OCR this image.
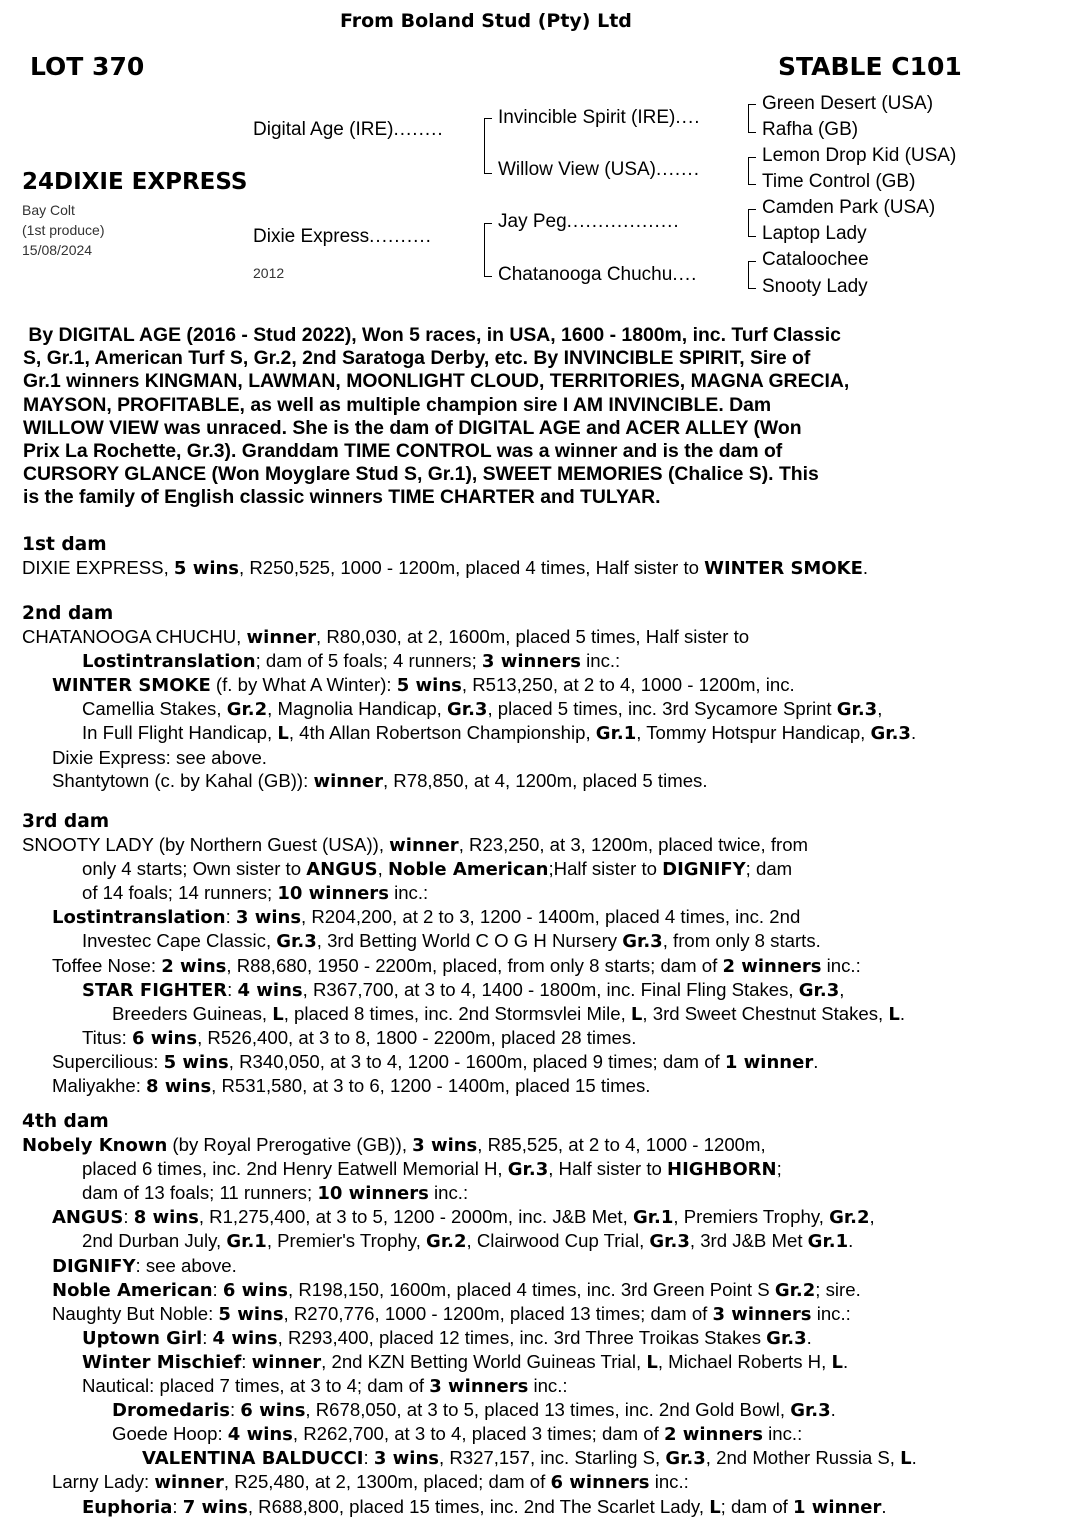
From Boland Stud (Pty) Ltd
LOT 370	STABLE C101
24DIXIE EXPRESS
Bay Colt
(1st produce)
15/08/2024
Digital Age (IRE)........
Dixie Express..........
2012
Invincible Spirit (IRE)....
Willow View (USA).......
Jay Peg..................
Chatanooga Chuchu....
Green Desert (USA)
Rafha (GB)
Lemon Drop Kid (USA)
Time Control (GB)
Camden Park (USA)
Laptop Lady
Cataloochee
Snooty Lady
By DIGITAL AGE (2016 - Stud 2022), Won 5 races, in USA, 1600 - 1800m, inc. Turf Classic
S, Gr.1, American Turf S, Gr.2, 2nd Saratoga Derby, etc. By INVINCIBLE SPIRIT, Sire of
Gr.1 winners KINGMAN, LAWMAN, MOONLIGHT CLOUD, TERRITORIES, MAGNA GRECIA,
MAYSON, PROFITABLE, as well as multiple champion sire I AM INVINCIBLE. Dam
WILLOW VIEW was unraced. She is the dam of DIGITAL AGE and ACER ALLEY (Won
Prix La Rochette, Gr.3). Granddam TIME CONTROL was a winner and is the dam of
CURSORY GLANCE (Won Moyglare Stud S, Gr.1), SWEET MEMORIES (Chalice S). This
is the family of English classic winners TIME CHARTER and TULYAR.
1st dam
DIXIE EXPRESS, 5 wins, R250,525, 1000 - 1200m, placed 4 times, Half sister to WINTER SMOKE.
2nd dam
CHATANOOGA CHUCHU, winner, R80,030, at 2, 1600m, placed 5 times, Half sister to
Lostintranslation; dam of 5 foals; 4 runners; 3 winners inc.:
WINTER SMOKE (f. by What A Winter): 5 wins, R513,250, at 2 to 4, 1000 - 1200m, inc.
Camellia Stakes, Gr.2, Magnolia Handicap, Gr.3, placed 5 times, inc. 3rd Sycamore Sprint Gr.3,
In Full Flight Handicap, L, 4th Allan Robertson Championship, Gr.1, Tommy Hotspur Handicap, Gr.3.
Dixie Express: see above.
Shantytown (c. by Kahal (GB)): winner, R78,850, at 4, 1200m, placed 5 times.
3rd dam
SNOOTY LADY (by Northern Guest (USA)), winner, R23,250, at 3, 1200m, placed twice, from
only 4 starts; Own sister to ANGUS, Noble American;Half sister to DIGNIFY; dam
of 14 foals; 14 runners; 10 winners inc.:
Lostintranslation: 3 wins, R204,200, at 2 to 3, 1200 - 1400m, placed 4 times, inc. 2nd
Investec Cape Classic, Gr.3, 3rd Betting World C O G H Nursery Gr.3, from only 8 starts.
Toffee Nose: 2 wins, R88,680, 1950 - 2200m, placed, from only 8 starts; dam of 2 winners inc.:
STAR FIGHTER: 4 wins, R367,700, at 3 to 4, 1400 - 1800m, inc. Final Fling Stakes, Gr.3,
Breeders Guineas, L, placed 8 times, inc. 2nd Stormsvlei Mile, L, 3rd Sweet Chestnut Stakes, L.
Titus: 6 wins, R526,400, at 3 to 8, 1800 - 2200m, placed 28 times.
Supercilious: 5 wins, R340,050, at 3 to 4, 1200 - 1600m, placed 9 times; dam of 1 winner.
Maliyakhe: 8 wins, R531,580, at 3 to 6, 1200 - 1400m, placed 15 times.
4th dam
Nobely Known (by Royal Prerogative (GB)), 3 wins, R85,525, at 2 to 4, 1000 - 1200m,
placed 6 times, inc. 2nd Henry Eatwell Memorial H, Gr.3, Half sister to HIGHBORN;
dam of 13 foals; 11 runners; 10 winners inc.:
ANGUS: 8 wins, R1,275,400, at 3 to 5, 1200 - 2000m, inc. J&B Met, Gr.1, Premiers Trophy, Gr.2,
2nd Durban July, Gr.1, Premier's Trophy, Gr.2, Clairwood Cup Trial, Gr.3, 3rd J&B Met Gr.1.
DIGNIFY: see above.
Noble American: 6 wins, R198,150, 1600m, placed 4 times, inc. 3rd Green Point S Gr.2; sire.
Naughty But Noble: 5 wins, R270,776, 1000 - 1200m, placed 13 times; dam of 3 winners inc.:
Uptown Girl: 4 wins, R293,400, placed 12 times, inc. 3rd Three Troikas Stakes Gr.3.
Winter Mischief: winner, 2nd KZN Betting World Guineas Trial, L, Michael Roberts H, L.
Nautical: placed 7 times, at 3 to 4; dam of 3 winners inc.:
Dromedaris: 6 wins, R678,050, at 3 to 5, placed 13 times, inc. 2nd Gold Bowl, Gr.3.
Goede Hoop: 4 wins, R262,700, at 3 to 4, placed 3 times; dam of 2 winners inc.:
VALENTINA BALDUCCI: 3 wins, R327,157, inc. Starling S, Gr.3, 2nd Mother Russia S, L.
Larny Lady: winner, R25,480, at 2, 1300m, placed; dam of 6 winners inc.:
Euphoria: 7 wins, R688,800, placed 15 times, inc. 2nd The Scarlet Lady, L; dam of 1 winner.
